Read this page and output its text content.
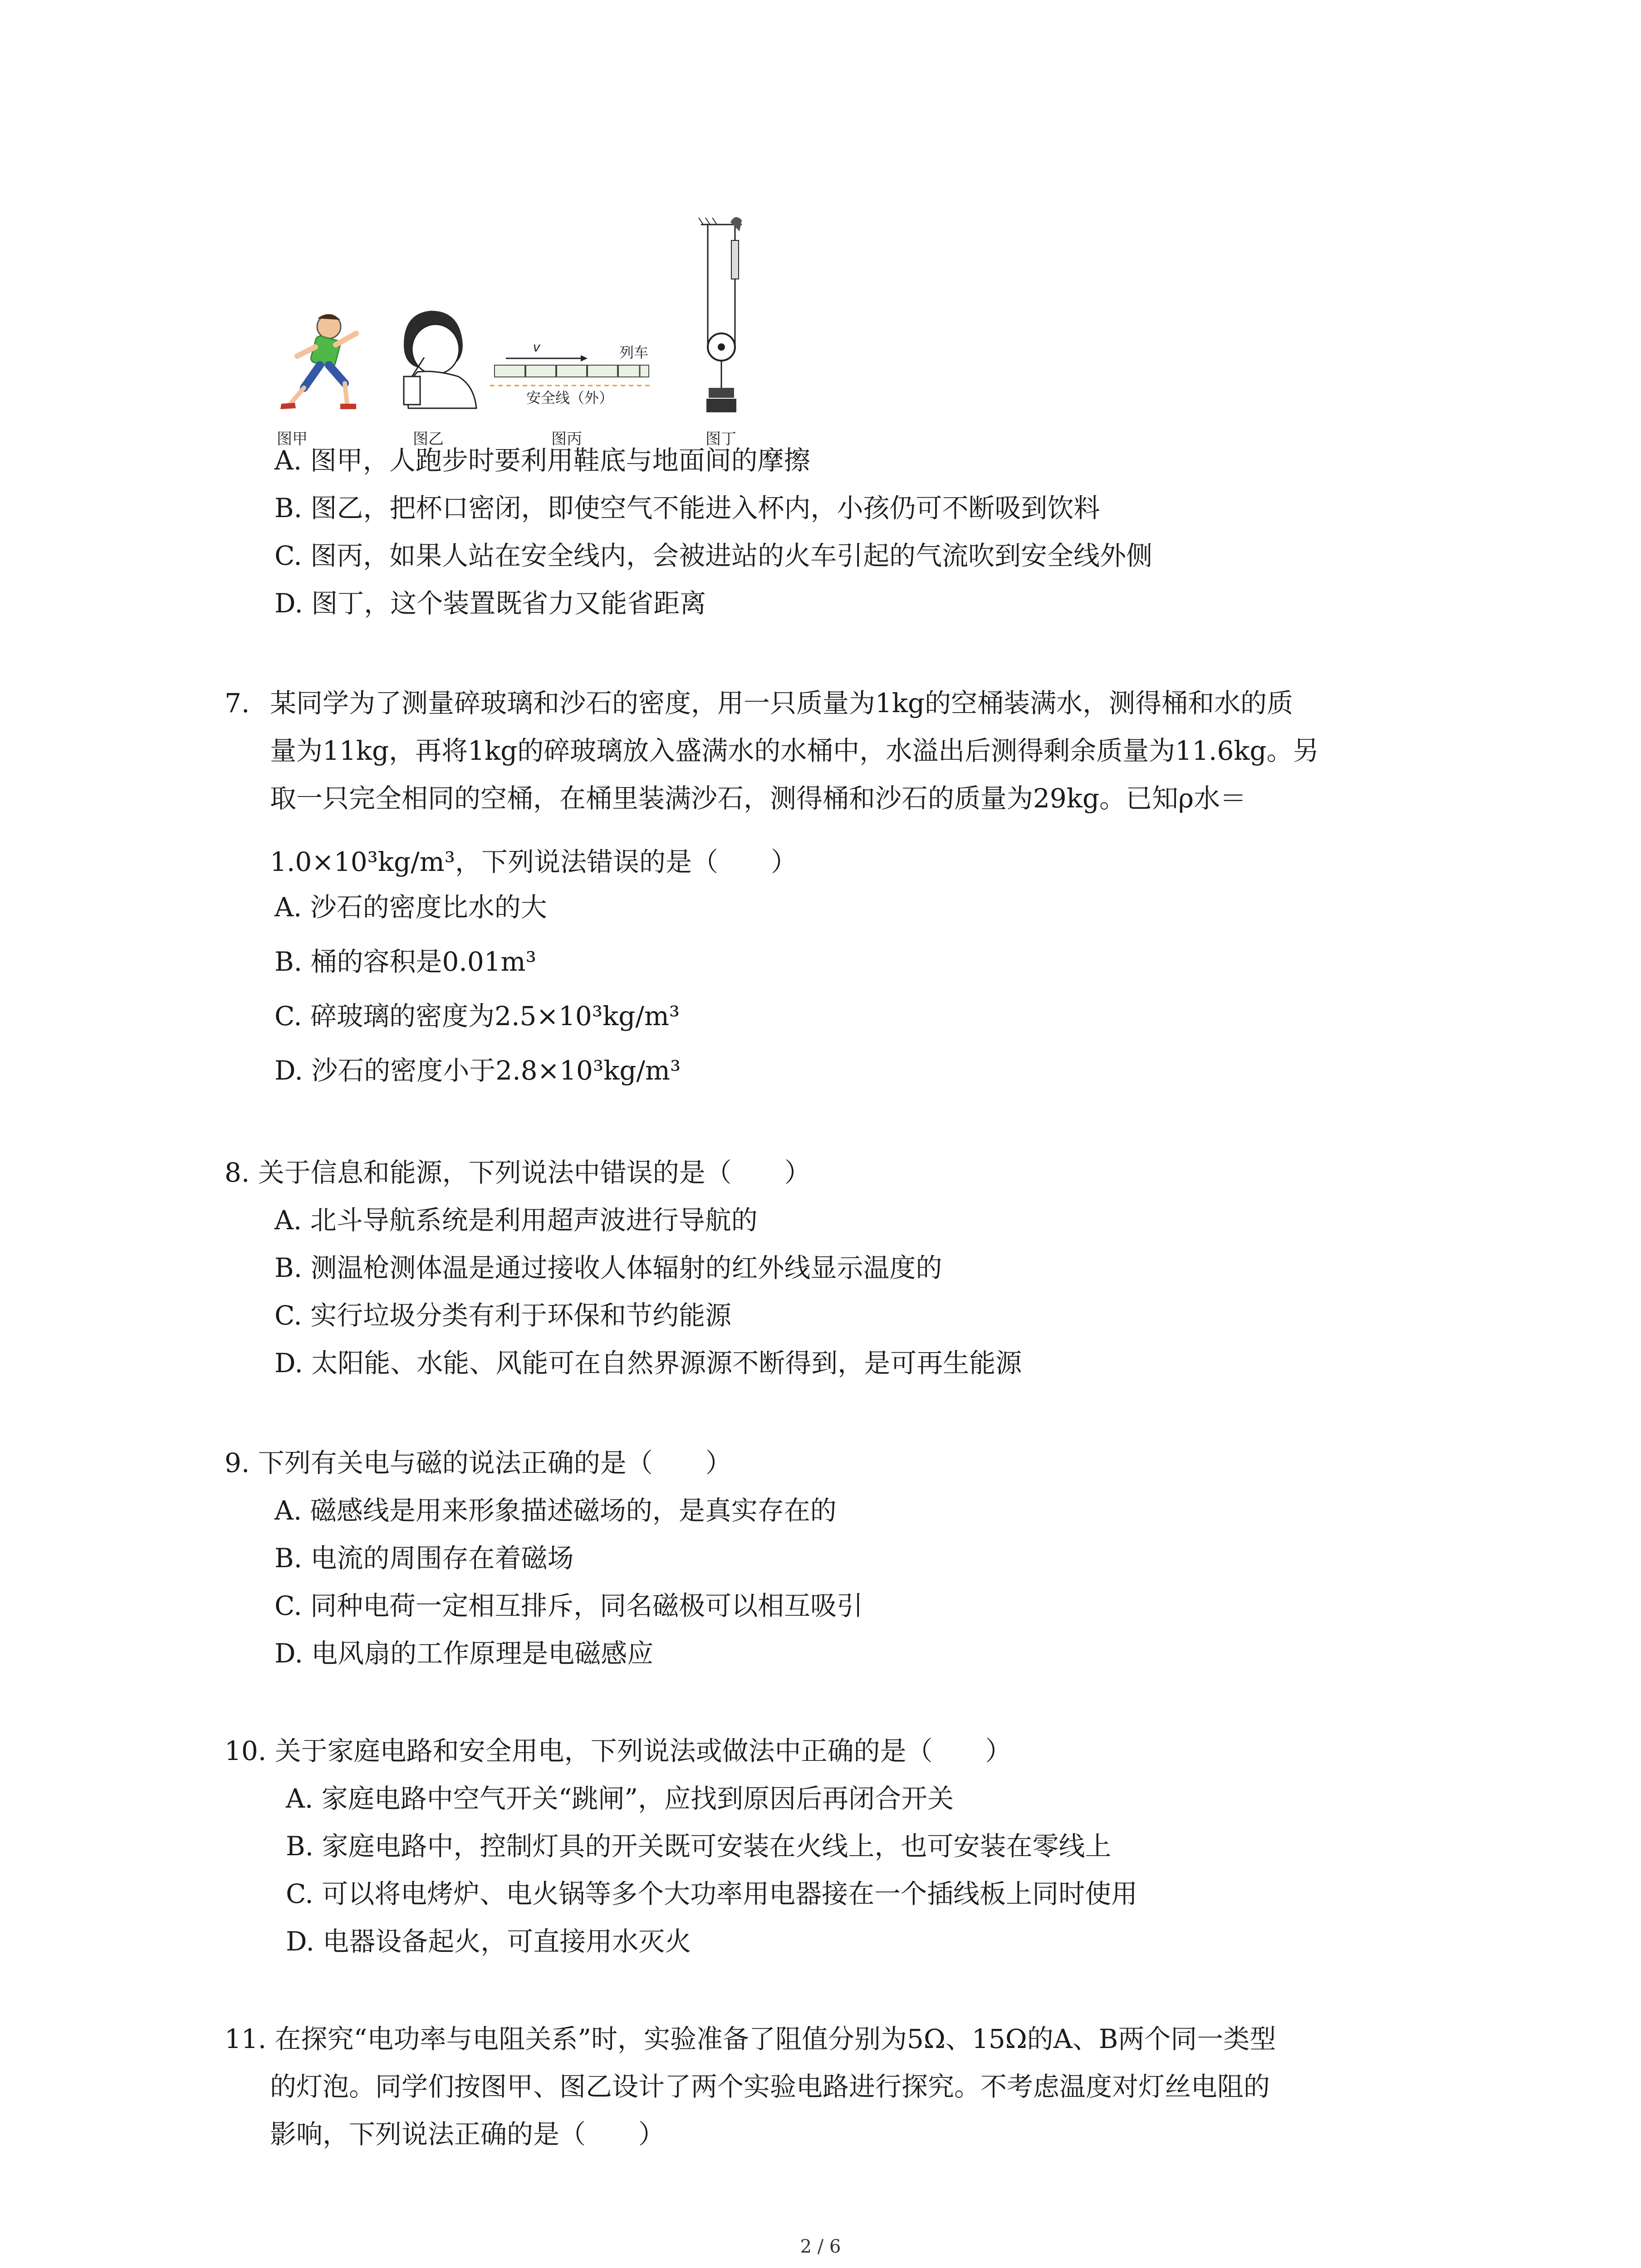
v	列车
安全线（外）
图甲	图乙	图丙	图丁
A. 图甲，人跑步时要利用鞋底与地面间的摩擦
B. 图乙，把杯口密闭，即使空气不能进入杯内，小孩仍可不断吸到饮料
C. 图丙，如果人站在安全线内，会被进站的火车引起的气流吹到安全线外侧
D. 图丁，这个装置既省力又能省距离
7. 某同学为了测量碎玻璃和沙石的密度，用一只质量为1kg的空桶装满水，测得桶和水的质
量为11kg，再将1kg的碎玻璃放入盛满水的水桶中，水溢出后测得剩余质量为11.6kg。另
取一只完全相同的空桶，在桶里装满沙石，测得桶和沙石的质量为29kg。已知ρ水＝
1.0×10³kg/m³，下列说法错误的是（　　）
A. 沙石的密度比水的大
B. 桶的容积是0.01m³
C. 碎玻璃的密度为2.5×10³kg/m³
D. 沙石的密度小于2.8×10³kg/m³
8. 关于信息和能源，下列说法中错误的是（　　）
A. 北斗导航系统是利用超声波进行导航的
B. 测温枪测体温是通过接收人体辐射的红外线显示温度的
C. 实行垃圾分类有利于环保和节约能源
D. 太阳能、水能、风能可在自然界源源不断得到，是可再生能源
9. 下列有关电与磁的说法正确的是（　　）
A. 磁感线是用来形象描述磁场的，是真实存在的
B. 电流的周围存在着磁场
C. 同种电荷一定相互排斥，同名磁极可以相互吸引
D. 电风扇的工作原理是电磁感应
10. 关于家庭电路和安全用电，下列说法或做法中正确的是（　　）
A. 家庭电路中空气开关“跳闸”，应找到原因后再闭合开关
B. 家庭电路中，控制灯具的开关既可安装在火线上，也可安装在零线上
C. 可以将电烤炉、电火锅等多个大功率用电器接在一个插线板上同时使用
D. 电器设备起火，可直接用水灭火
11. 在探究“电功率与电阻关系”时，实验准备了阻值分别为5Ω、15Ω的A、B两个同一类型
的灯泡。同学们按图甲、图乙设计了两个实验电路进行探究。不考虑温度对灯丝电阻的
影响，下列说法正确的是（　　）
2 / 6
